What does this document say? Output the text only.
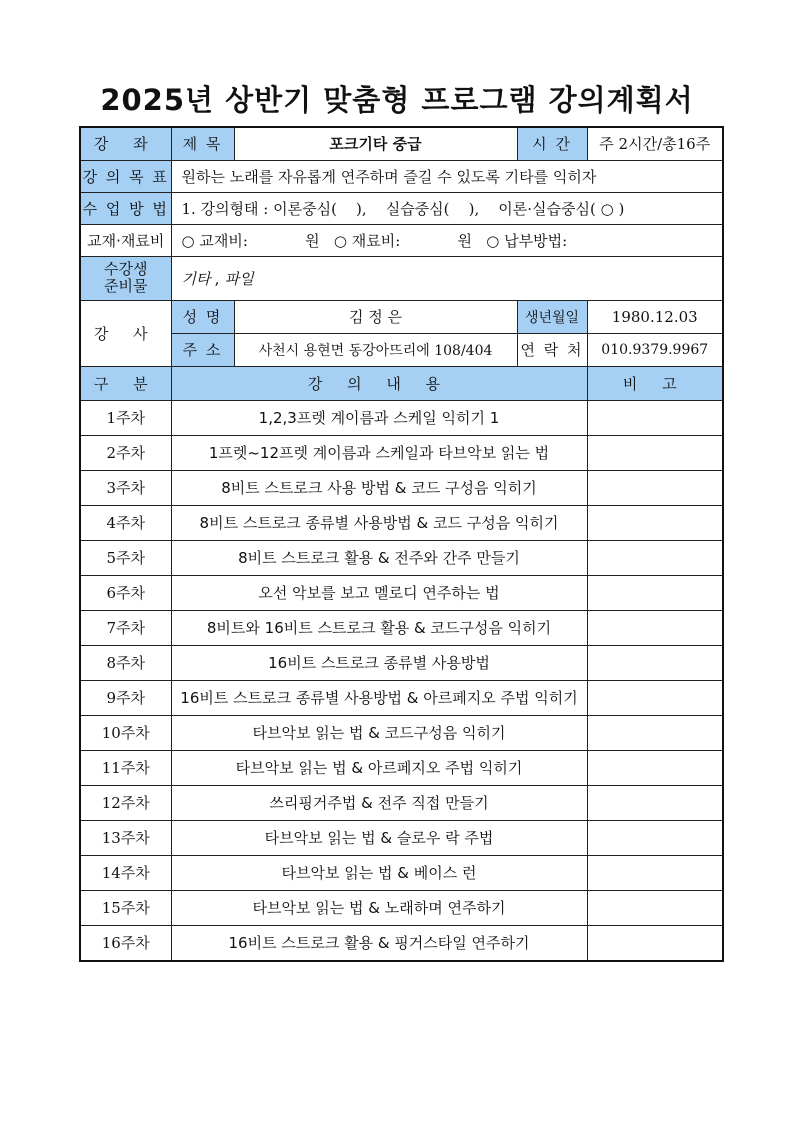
2025년 상반기 맞춤형 프로그램 강의계획서
강 좌	제 목	포크기타 중급	시 간	주 2시간/총16주
강 의 목 표	원하는 노래를 자유롭게 연주하며 즐길 수 있도록 기타를 익히자			
수 업 방 법	1. 강의형태 : 이론중심(    ),    실습중심(    ),    이론·실습중심( ○ )			
교재·재료비	○ 교재비:            원   ○ 재료비:            원   ○ 납부방법:			

수강생
준비물	기타 , 파일			
강 사	성 명	김 정 은	생년월일	1980.12.03
	주 소	사천시 용현면 동강아뜨리에 108/404	연 락 처	010.9379.9967
구 분	강 의 내 용			비 고
1주차	1,2,3프렛 계이름과 스케일 익히기 1			
2주차	1프렛~12프렛 계이름과 스케일과 타브악보 읽는 법			
3주차	8비트 스트로크 사용 방법 & 코드 구성음 익히기			
4주차	8비트 스트로크 종류별 사용방법 & 코드 구성음 익히기			
5주차	8비트 스트로크 활용 & 전주와 간주 만들기			
6주차	오선 악보를 보고 멜로디 연주하는 법			
7주차	8비트와 16비트 스트로크 활용 & 코드구성음 익히기			
8주차	16비트 스트로크 종류별 사용방법			
9주차	16비트 스트로크 종류별 사용방법 & 아르페지오 주법 익히기			
10주차	타브악보 읽는 법 & 코드구성음 익히기			
11주차	타브악보 읽는 법 & 아르페지오 주법 익히기			
12주차	쓰리핑거주법 & 전주 직접 만들기			
13주차	타브악보 읽는 법 & 슬로우 락 주법			
14주차	타브악보 읽는 법 & 베이스 런			
15주차	타브악보 읽는 법 & 노래하며 연주하기			
16주차	16비트 스트로크 활용 & 핑거스타일 연주하기			
